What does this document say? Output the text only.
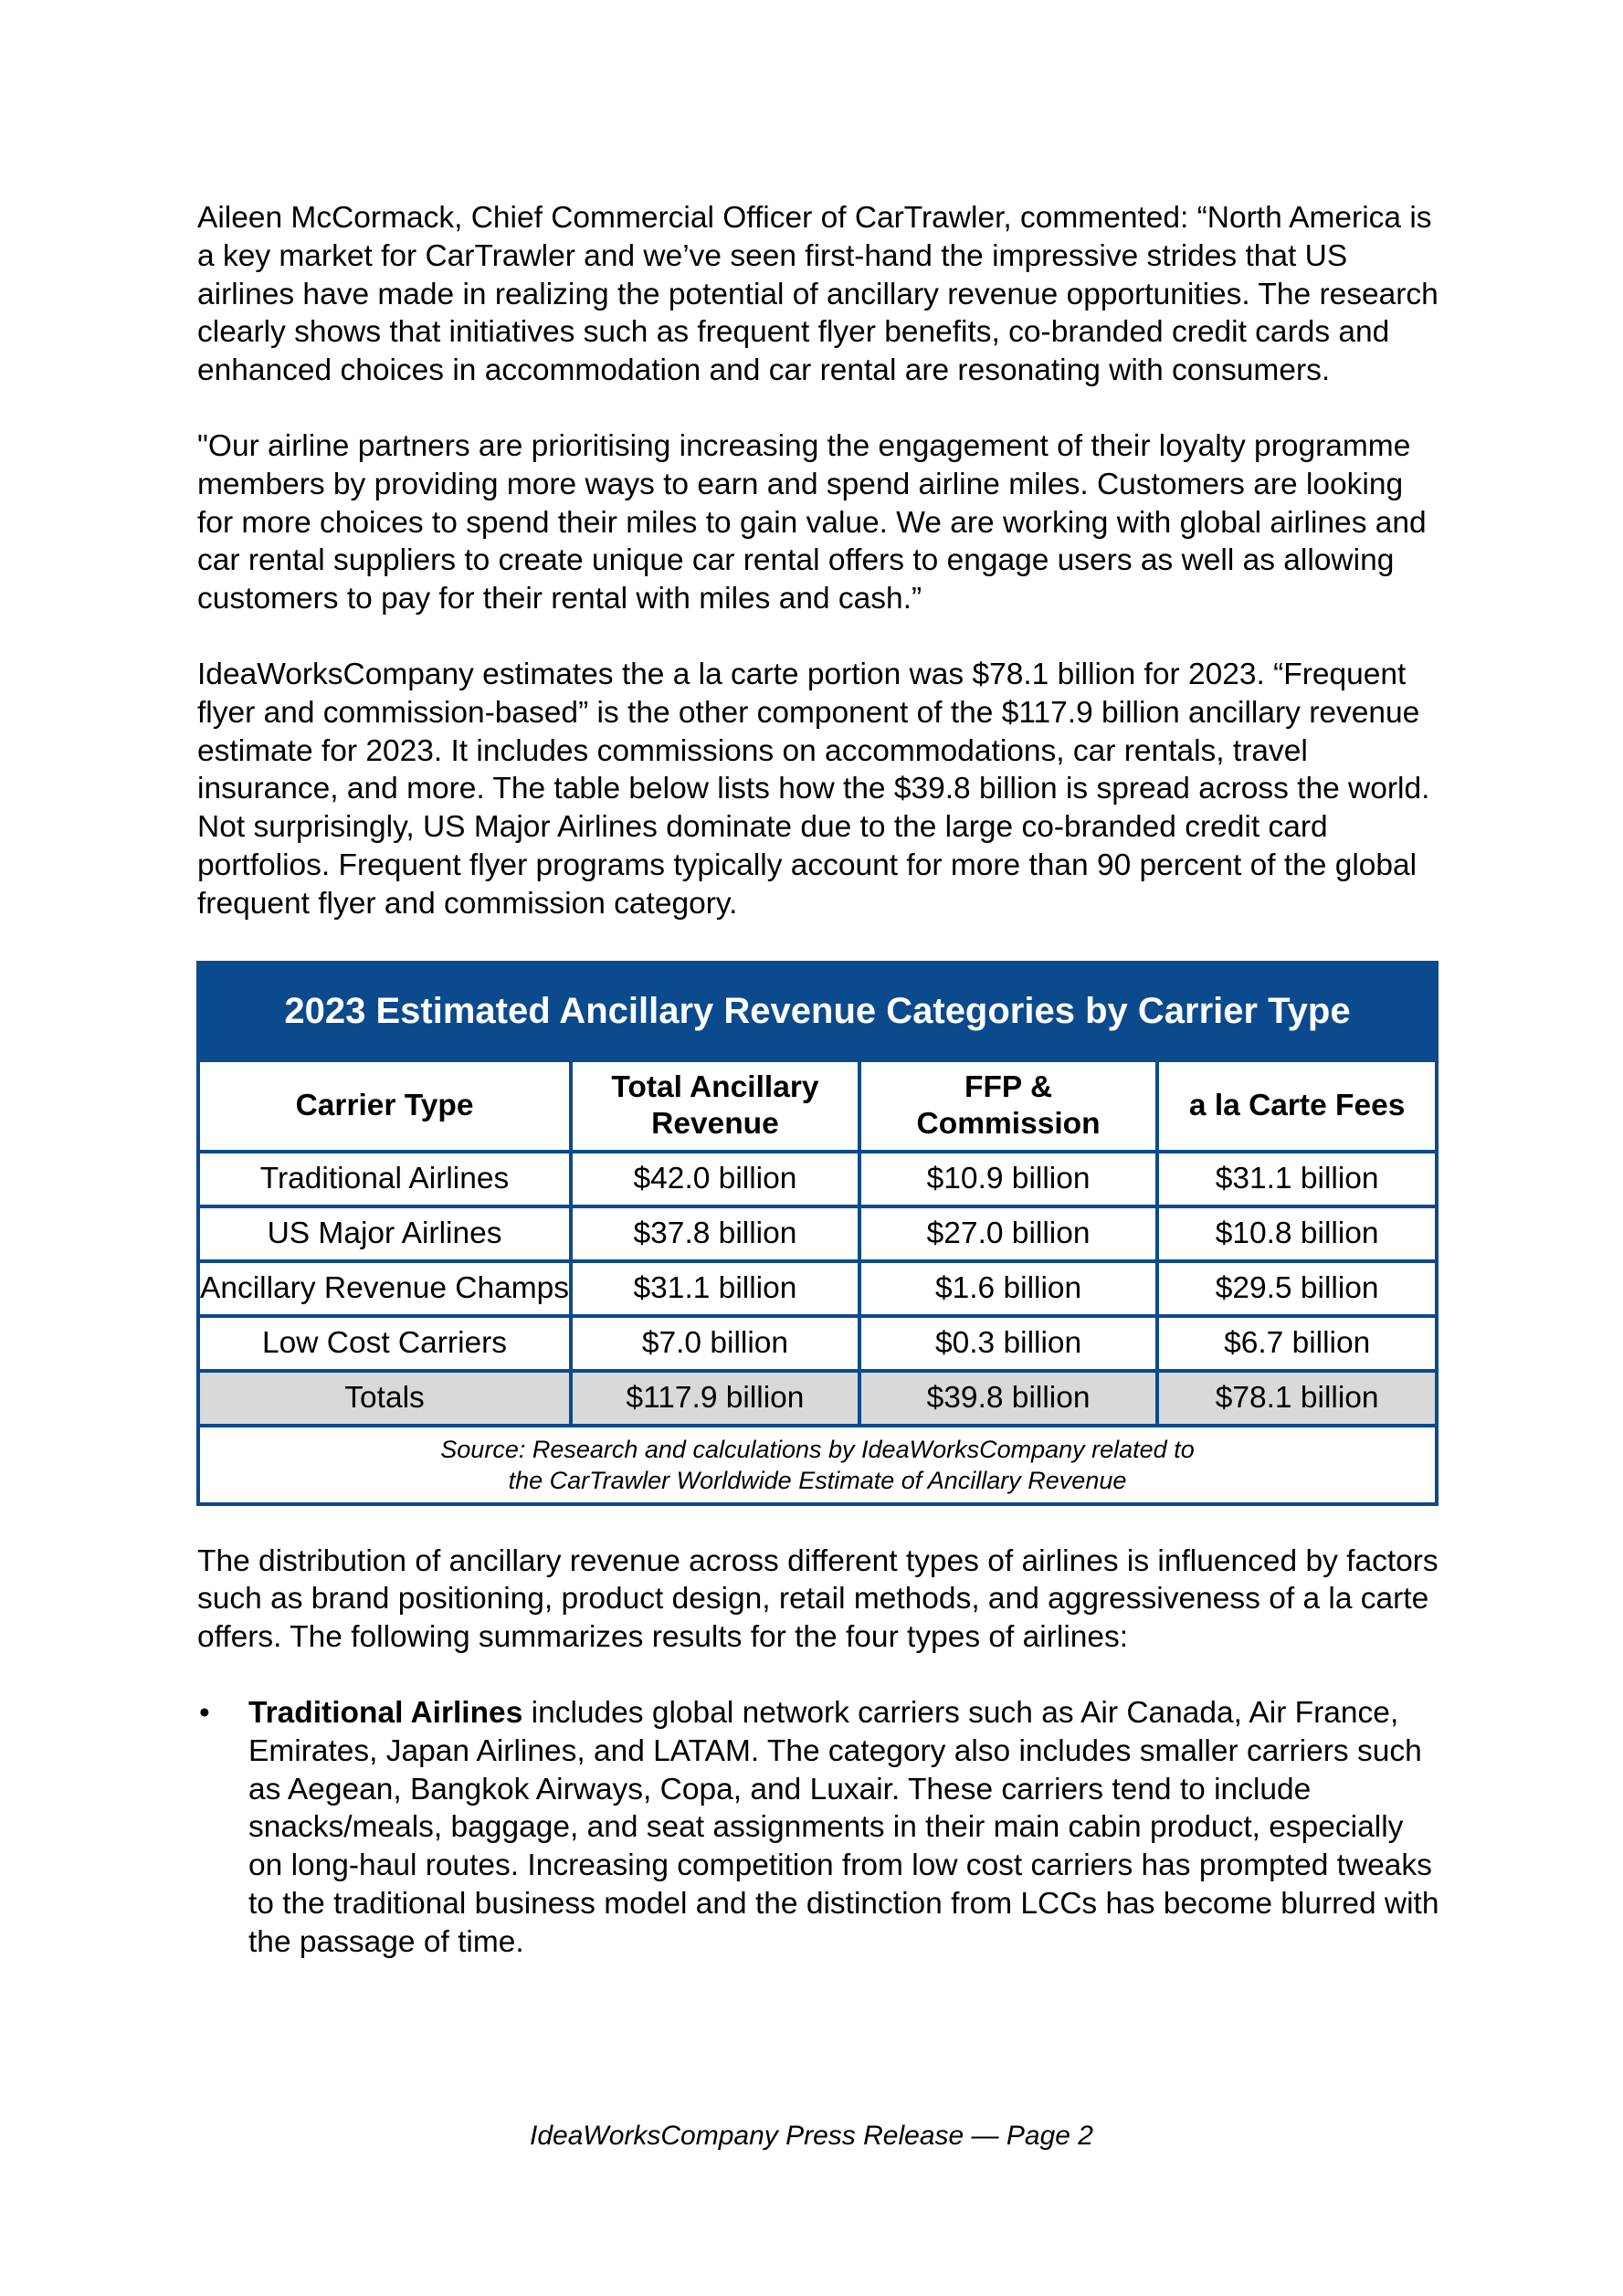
Aileen McCormack, Chief Commercial Officer of CarTrawler, commented: “North America is a key market for CarTrawler and we’ve seen first-hand the impressive strides that US airlines have made in realizing the potential of ancillary revenue opportunities. The research clearly shows that initiatives such as frequent flyer benefits, co-branded credit cards and enhanced choices in accommodation and car rental are resonating with consumers.

"Our airline partners are prioritising increasing the engagement of their loyalty programme members by providing more ways to earn and spend airline miles. Customers are looking for more choices to spend their miles to gain value. We are working with global airlines and car rental suppliers to create unique car rental offers to engage users as well as allowing customers to pay for their rental with miles and cash.”

IdeaWorksCompany estimates the a la carte portion was $78.1 billion for 2023. “Frequent flyer and commission-based” is the other component of the $117.9 billion ancillary revenue estimate for 2023. It includes commissions on accommodations, car rentals, travel insurance, and more. The table below lists how the $39.8 billion is spread across the world. Not surprisingly, US Major Airlines dominate due to the large co-branded credit card portfolios. Frequent flyer programs typically account for more than 90 percent of the global frequent flyer and commission category.

2023 Estimated Ancillary Revenue Categories by Carrier Type			
Carrier Type	Total Ancillary Revenue	FFP & Commission	a la Carte Fees
Traditional Airlines	$42.0 billion	$10.9 billion	$31.1 billion
US Major Airlines	$37.8 billion	$27.0 billion	$10.8 billion
Ancillary Revenue Champs	$31.1 billion	$1.6 billion	$29.5 billion
Low Cost Carriers	$7.0 billion	$0.3 billion	$6.7 billion
Totals	$117.9 billion	$39.8 billion	$78.1 billion

Source: Research and calculations by IdeaWorksCompany related to
the CarTrawler Worldwide Estimate of Ancillary Revenue			

The distribution of ancillary revenue across different types of airlines is influenced by factors such as brand positioning, product design, retail methods, and aggressiveness of a la carte offers. The following summarizes results for the four types of airlines:

• Traditional Airlines includes global network carriers such as Air Canada, Air France, Emirates, Japan Airlines, and LATAM. The category also includes smaller carriers such as Aegean, Bangkok Airways, Copa, and Luxair. These carriers tend to include snacks/meals, baggage, and seat assignments in their main cabin product, especially on long-haul routes. Increasing competition from low cost carriers has prompted tweaks to the traditional business model and the distinction from LCCs has become blurred with the passage of time.
IdeaWorksCompany Press Release — Page 2
